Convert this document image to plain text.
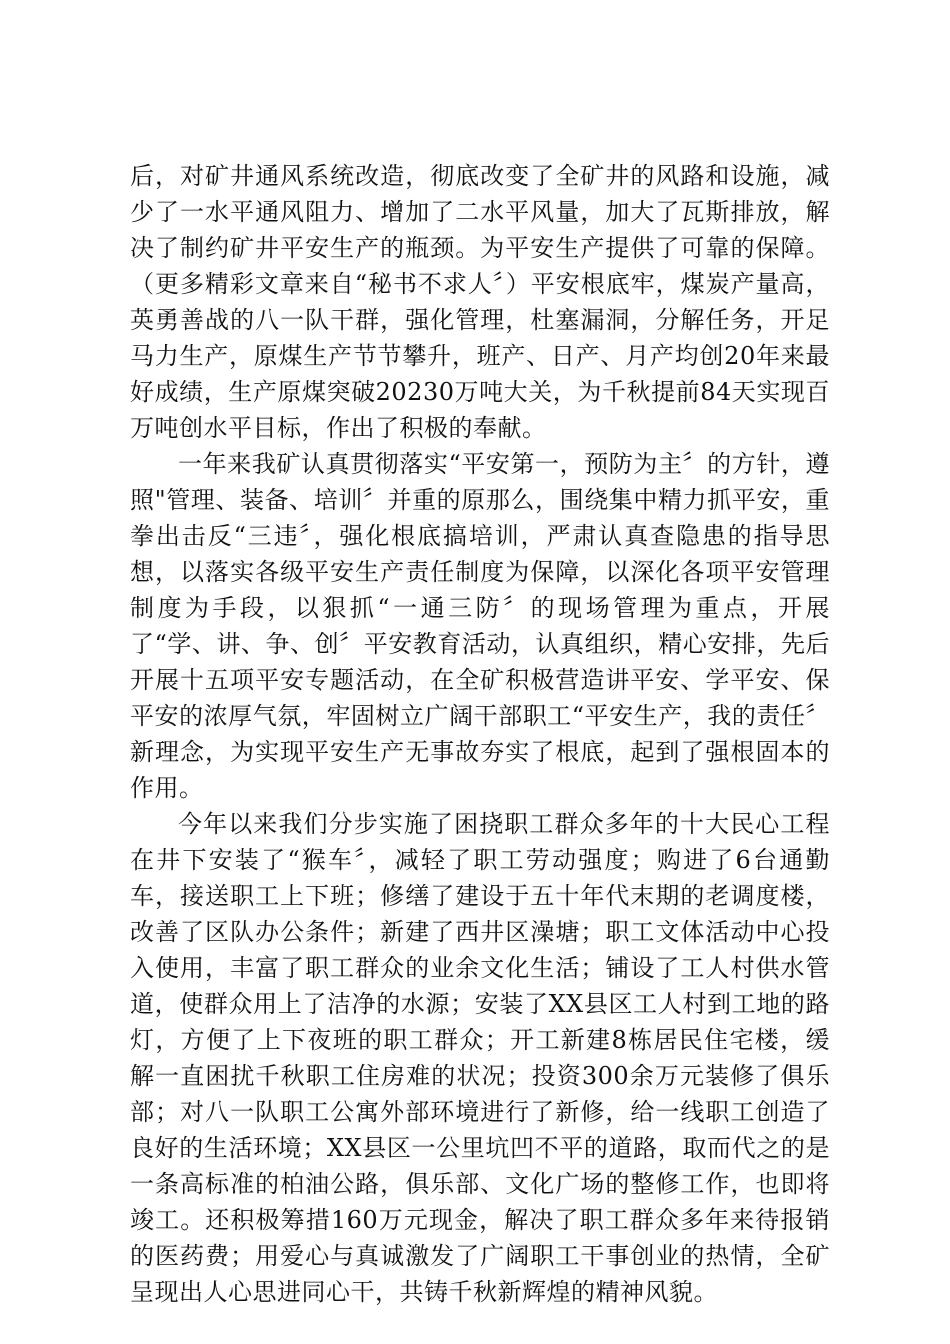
后，对矿井通风系统改造，彻底改变了全矿井的风路和设施，减少了一水平通风阻力、增加了二水平风量，加大了瓦斯排放，解决了制约矿井平安生产的瓶颈。为平安生产提供了可靠的保障。（更多精彩文章来自“秘书不求人〞）平安根底牢，煤炭产量高，英勇善战的八一队干群，强化管理，杜塞漏洞，分解任务，开足马力生产，原煤生产节节攀升，班产、日产、月产均创20年来最好成绩，生产原煤突破20230万吨大关，为千秋提前84天实现百万吨创水平目标，作出了积极的奉献。

一年来我矿认真贯彻落实“平安第一，预防为主〞的方针，遵照"管理、装备、培训〞并重的原那么，围绕集中精力抓平安，重拳出击反“三违〞，强化根底搞培训，严肃认真查隐患的指导思想，以落实各级平安生产责任制度为保障，以深化各项平安管理制度为手段，以狠抓“一通三防〞的现场管理为重点，开展了“学、讲、争、创〞平安教育活动，认真组织，精心安排，先后开展十五项平安专题活动，在全矿积极营造讲平安、学平安、保平安的浓厚气氛，牢固树立广阔干部职工“平安生产，我的责任〞新理念，为实现平安生产无事故夯实了根底，起到了强根固本的作用。

今年以来我们分步实施了困挠职工群众多年的十大民心工程在井下安装了“猴车〞，减轻了职工劳动强度；购进了6台通勤车，接送职工上下班；修缮了建设于五十年代末期的老调度楼，改善了区队办公条件；新建了西井区澡塘；职工文体活动中心投入使用，丰富了职工群众的业余文化生活；铺设了工人村供水管道，使群众用上了洁净的水源；安装了XX县区工人村到工地的路灯，方便了上下夜班的职工群众；开工新建8栋居民住宅楼，缓解一直困扰千秋职工住房难的状况；投资300余万元装修了俱乐部；对八一队职工公寓外部环境进行了新修，给一线职工创造了良好的生活环境；XX县区一公里坑凹不平的道路，取而代之的是一条高标准的柏油公路，俱乐部、文化广场的整修工作，也即将竣工。还积极筹措160万元现金，解决了职工群众多年来待报销的医药费；用爱心与真诚激发了广阔职工干事创业的热情，全矿呈现出人心思进同心干，共铸千秋新辉煌的精神风貌。
